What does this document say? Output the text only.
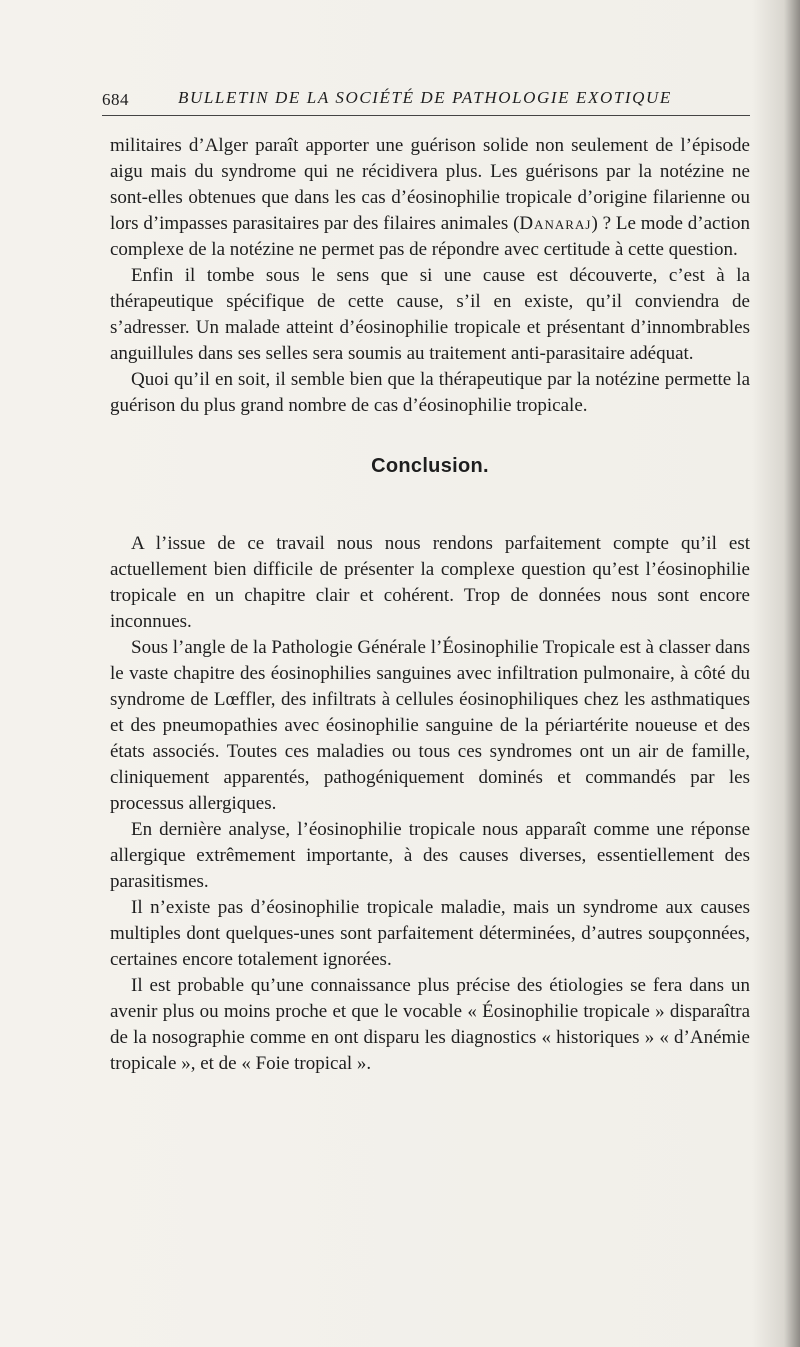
684	BULLETIN DE LA SOCIÉTÉ DE PATHOLOGIE EXOTIQUE

militaires d’Alger paraît apporter une guérison solide non seulement de l’épisode aigu mais du syndrome qui ne récidivera plus. Les guérisons par la notézine ne sont-elles obtenues que dans les cas d’éosinophilie tropicale d’origine filarienne ou lors d’impasses parasitaires par des filaires animales (Danaraj) ? Le mode d’action complexe de la notézine ne permet pas de répondre avec certitude à cette question.

Enfin il tombe sous le sens que si une cause est découverte, c’est à la thérapeutique spécifique de cette cause, s’il en existe, qu’il conviendra de s’adresser. Un malade atteint d’éosinophilie tropicale et présentant d’innombrables anguillules dans ses selles sera soumis au traitement anti-parasitaire adéquat.

Quoi qu’il en soit, il semble bien que la thérapeutique par la notézine permette la guérison du plus grand nombre de cas d’éosinophilie tropicale.

Conclusion.

A l’issue de ce travail nous nous rendons parfaitement compte qu’il est actuellement bien difficile de présenter la complexe question qu’est l’éosinophilie tropicale en un chapitre clair et cohérent. Trop de données nous sont encore inconnues.

Sous l’angle de la Pathologie Générale l’Éosinophilie Tropicale est à classer dans le vaste chapitre des éosinophilies sanguines avec infiltration pulmonaire, à côté du syndrome de Lœffler, des infiltrats à cellules éosinophiliques chez les asthmatiques et des pneumopathies avec éosinophilie sanguine de la périartérite noueuse et des états associés. Toutes ces maladies ou tous ces syndromes ont un air de famille, cliniquement apparentés, pathogéniquement dominés et commandés par les processus allergiques.

En dernière analyse, l’éosinophilie tropicale nous apparaît comme une réponse allergique extrêmement importante, à des causes diverses, essentiellement des parasitismes.

Il n’existe pas d’éosinophilie tropicale maladie, mais un syndrome aux causes multiples dont quelques-unes sont parfaitement déterminées, d’autres soupçonnées, certaines encore totalement ignorées.

Il est probable qu’une connaissance plus précise des étiologies se fera dans un avenir plus ou moins proche et que le vocable « Éosinophilie tropicale » disparaîtra de la nosographie comme en ont disparu les diagnostics « historiques » « d’Anémie tropicale », et de « Foie tropical ».
